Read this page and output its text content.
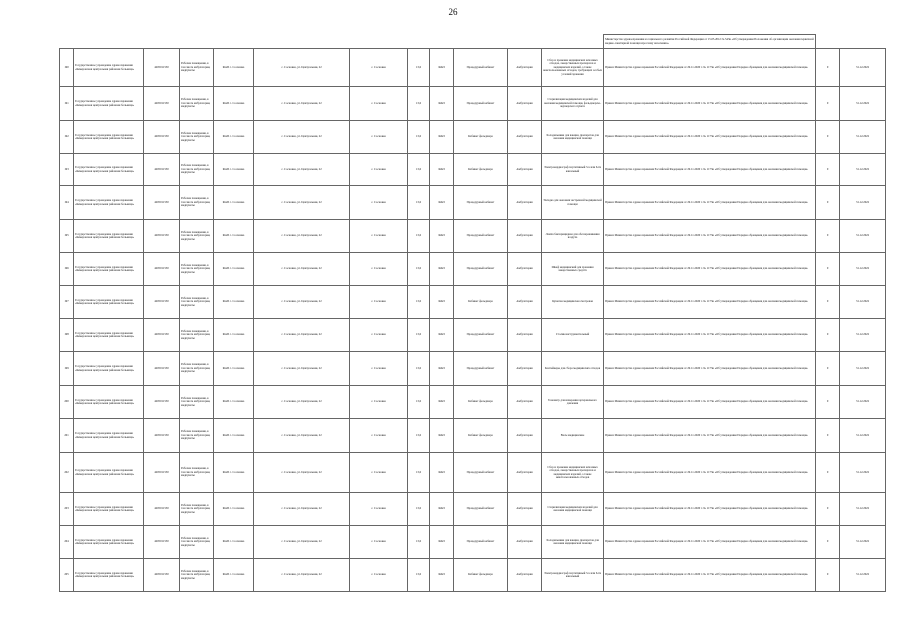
26
												Министерства здравоохранения и социального развития Российской Федерации от 15.05.2012 № 543н «Об утверждении Положения об организации оказания первичной медико-санитарной помощи взрослому населению»		
190	Государственное учреждение здравоохранения «Кемеровская центральная районная больница»	4205011530	Рабочие помещения, в том числе амбулатории, медпункты	ФАП с. Сосновка	с. Сосновка, ул. Центральная, 22	с. Сосновка	13,6	ФАП	Процедурный кабинет	Амбулатория	Сбор и хранение медицинских или иных отходов, лекарственных препаратов и медицинских изделий, а также неиспользованных отходов, требующих особых условий хранения	Приказ Министерства здравоохранения Российской Федерации от 29.11.2020 г. № 1173н «Об утверждении Порядка обращения для оказания медицинской помощи»	0	31.12.2022
191	Государственное учреждение здравоохранения «Кемеровская центральная районная больница»	4205011530	Рабочие помещения, в том числе амбулатории, медпункты	ФАП с. Сосновка	с. Сосновка, ул. Центральная, 22	с. Сосновка	13,6	ФАП	Процедурный кабинет	Амбулатория	Стерилизация медицинских изделий для оказания медицинской помощи, фельдшерско-акушерского пункта	Приказ Министерства здравоохранения Российской Федерации от 29.11.2020 г. № 1173н «Об утверждении Порядка обращения для оказания медицинской помощи»	0	31.12.2022
192	Государственное учреждение здравоохранения «Кемеровская центральная районная больница»	4205011530	Рабочие помещения, в том числе амбулатории, медпункты	ФАП с. Сосновка	с. Сосновка, ул. Центральная, 22	с. Сосновка	13,6	ФАП	Кабинет фельдшера	Амбулатория	Холодильники для вакцин, препаратов для оказания медицинской помощи	Приказ Министерства здравоохранения Российской Федерации от 29.11.2020 г. № 1173н «Об утверждении Порядка обращения для оказания медицинской помощи»	0	31.12.2022
193	Государственное учреждение здравоохранения «Кемеровская центральная районная больница»	4205011530	Рабочие помещения, в том числе амбулатории, медпункты	ФАП с. Сосновка	с. Сосновка, ул. Центральная, 22	с. Сосновка	13,6	ФАП	Кабинет фельдшера	Амбулатория	Электрокардиограф портативный 3-х или 6-ти канальный	Приказ Министерства здравоохранения Российской Федерации от 29.11.2020 г. № 1173н «Об утверждении Порядка обращения для оказания медицинской помощи»	0	31.12.2022
194	Государственное учреждение здравоохранения «Кемеровская центральная районная больница»	4205011530	Рабочие помещения, в том числе амбулатории, медпункты	ФАП с. Сосновка	с. Сосновка, ул. Центральная, 22	с. Сосновка	13,6	ФАП	Процедурный кабинет	Амбулатория	Укладка для оказания экстренной медицинской помощи	Приказ Министерства здравоохранения Российской Федерации от 29.11.2020 г. № 1173н «Об утверждении Порядка обращения для оказания медицинской помощи»	0	31.12.2022
195	Государственное учреждение здравоохранения «Кемеровская центральная районная больница»	4205011530	Рабочие помещения, в том числе амбулатории, медпункты	ФАП с. Сосновка	с. Сосновка, ул. Центральная, 22	с. Сосновка	13,6	ФАП	Процедурный кабинет	Амбулатория	Лампа бактерицидная для обеззараживания воздуха	Приказ Министерства здравоохранения Российской Федерации от 29.11.2020 г. № 1173н «Об утверждении Порядка обращения для оказания медицинской помощи»	0	31.12.2022
196	Государственное учреждение здравоохранения «Кемеровская центральная районная больница»	4205011530	Рабочие помещения, в том числе амбулатории, медпункты	ФАП с. Сосновка	с. Сосновка, ул. Центральная, 22	с. Сосновка	13,6	ФАП	Процедурный кабинет	Амбулатория	Шкаф медицинский для хранения лекарственных средств	Приказ Министерства здравоохранения Российской Федерации от 29.11.2020 г. № 1173н «Об утверждении Порядка обращения для оказания медицинской помощи»	0	31.12.2022
197	Государственное учреждение здравоохранения «Кемеровская центральная районная больница»	4205011530	Рабочие помещения, в том числе амбулатории, медпункты	ФАП с. Сосновка	с. Сосновка, ул. Центральная, 22	с. Сосновка	13,6	ФАП	Кабинет фельдшера	Амбулатория	Кушетка медицинская смотровая	Приказ Министерства здравоохранения Российской Федерации от 29.11.2020 г. № 1173н «Об утверждении Порядка обращения для оказания медицинской помощи»	0	31.12.2022
198	Государственное учреждение здравоохранения «Кемеровская центральная районная больница»	4205011530	Рабочие помещения, в том числе амбулатории, медпункты	ФАП с. Сосновка	с. Сосновка, ул. Центральная, 22	с. Сосновка	13,6	ФАП	Процедурный кабинет	Амбулатория	Столик инструментальный	Приказ Министерства здравоохранения Российской Федерации от 29.11.2020 г. № 1173н «Об утверждении Порядка обращения для оказания медицинской помощи»	0	31.12.2022
199	Государственное учреждение здравоохранения «Кемеровская центральная районная больница»	4205011530	Рабочие помещения, в том числе амбулатории, медпункты	ФАП с. Сосновка	с. Сосновка, ул. Центральная, 22	с. Сосновка	13,6	ФАП	Процедурный кабинет	Амбулатория	Контейнеры для сбора медицинских отходов	Приказ Министерства здравоохранения Российской Федерации от 29.11.2020 г. № 1173н «Об утверждении Порядка обращения для оказания медицинской помощи»	0	31.12.2022
200	Государственное учреждение здравоохранения «Кемеровская центральная районная больница»	4205011530	Рабочие помещения, в том числе амбулатории, медпункты	ФАП с. Сосновка	с. Сосновка, ул. Центральная, 22	с. Сосновка	13,6	ФАП	Кабинет фельдшера	Амбулатория	Тонометр для измерения артериального давления	Приказ Министерства здравоохранения Российской Федерации от 29.11.2020 г. № 1173н «Об утверждении Порядка обращения для оказания медицинской помощи»	0	31.12.2022
201	Государственное учреждение здравоохранения «Кемеровская центральная районная больница»	4205011530	Рабочие помещения, в том числе амбулатории, медпункты	ФАП с. Сосновка	с. Сосновка, ул. Центральная, 22	с. Сосновка	13,6	ФАП	Кабинет фельдшера	Амбулатория	Весы медицинские	Приказ Министерства здравоохранения Российской Федерации от 29.11.2020 г. № 1173н «Об утверждении Порядка обращения для оказания медицинской помощи»	0	31.12.2022
202	Государственное учреждение здравоохранения «Кемеровская центральная районная больница»	4205011530	Рабочие помещения, в том числе амбулатории, медпункты	ФАП с. Сосновка	с. Сосновка, ул. Центральная, 22	с. Сосновка	13,6	ФАП	Процедурный кабинет	Амбулатория	Сбор и хранение медицинских или иных отходов, лекарственных препаратов и медицинских изделий, а также неиспользованных отходов	Приказ Министерства здравоохранения Российской Федерации от 29.11.2020 г. № 1173н «Об утверждении Порядка обращения для оказания медицинской помощи»	0	31.12.2022
203	Государственное учреждение здравоохранения «Кемеровская центральная районная больница»	4205011530	Рабочие помещения, в том числе амбулатории, медпункты	ФАП с. Сосновка	с. Сосновка, ул. Центральная, 22	с. Сосновка	13,6	ФАП	Процедурный кабинет	Амбулатория	Стерилизация медицинских изделий для оказания медицинской помощи	Приказ Министерства здравоохранения Российской Федерации от 29.11.2020 г. № 1173н «Об утверждении Порядка обращения для оказания медицинской помощи»	0	31.12.2022
204	Государственное учреждение здравоохранения «Кемеровская центральная районная больница»	4205011530	Рабочие помещения, в том числе амбулатории, медпункты	ФАП с. Сосновка	с. Сосновка, ул. Центральная, 22	с. Сосновка	13,6	ФАП	Процедурный кабинет	Амбулатория	Холодильники для вакцин, препаратов для оказания медицинской помощи	Приказ Министерства здравоохранения Российской Федерации от 29.11.2020 г. № 1173н «Об утверждении Порядка обращения для оказания медицинской помощи»	0	31.12.2022
205	Государственное учреждение здравоохранения «Кемеровская центральная районная больница»	4205011530	Рабочие помещения, в том числе амбулатории, медпункты	ФАП с. Сосновка	с. Сосновка, ул. Центральная, 22	с. Сосновка	13,6	ФАП	Кабинет фельдшера	Амбулатория	Электрокардиограф портативный 3-х или 6-ти канальный	Приказ Министерства здравоохранения Российской Федерации от 29.11.2020 г. № 1173н «Об утверждении Порядка обращения для оказания медицинской помощи»	0	31.12.2022
